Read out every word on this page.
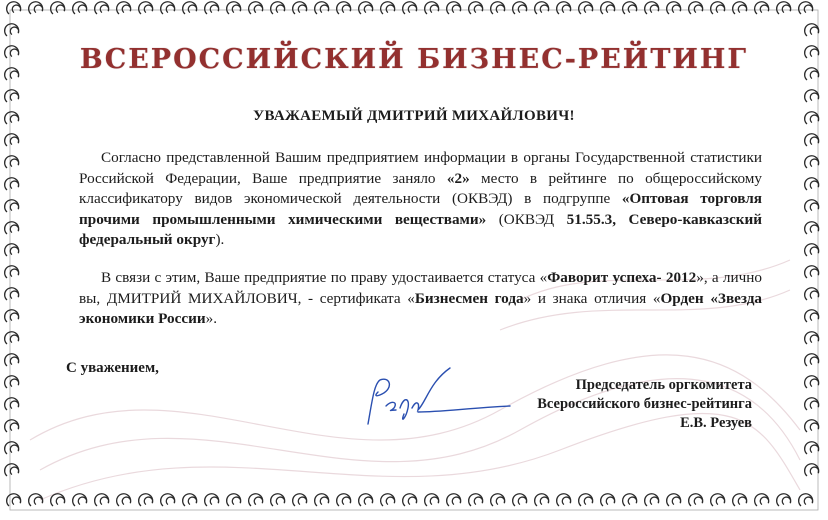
ВСЕРОССИЙСКИЙ БИЗНЕС-РЕЙТИНГ
УВАЖАЕМЫЙ ДМИТРИЙ МИХАЙЛОВИЧ!

Согласно представленной Вашим предприятием информации в органы Государственной статистики Российской Федерации, Ваше предприятие заняло «2» место в рейтинге по общероссийскому классификатору видов экономической деятельности (ОКВЭД) в подгруппе «Оптовая торговля прочими промышленными химическими веществами» (ОКВЭД 51.55.3, Северо-кавказский федеральный округ).

В связи с этим, Ваше предприятие по праву удостаивается статуса «Фаворит успеха- 2012», а лично вы, ДМИТРИЙ МИХАЙЛОВИЧ, - сертификата «Бизнесмен года» и знака отличия «Орден «Звезда экономики России».

С уважением,
Председатель оргкомитета
Всероссийского бизнес-рейтинга
Е.В. Резуев
